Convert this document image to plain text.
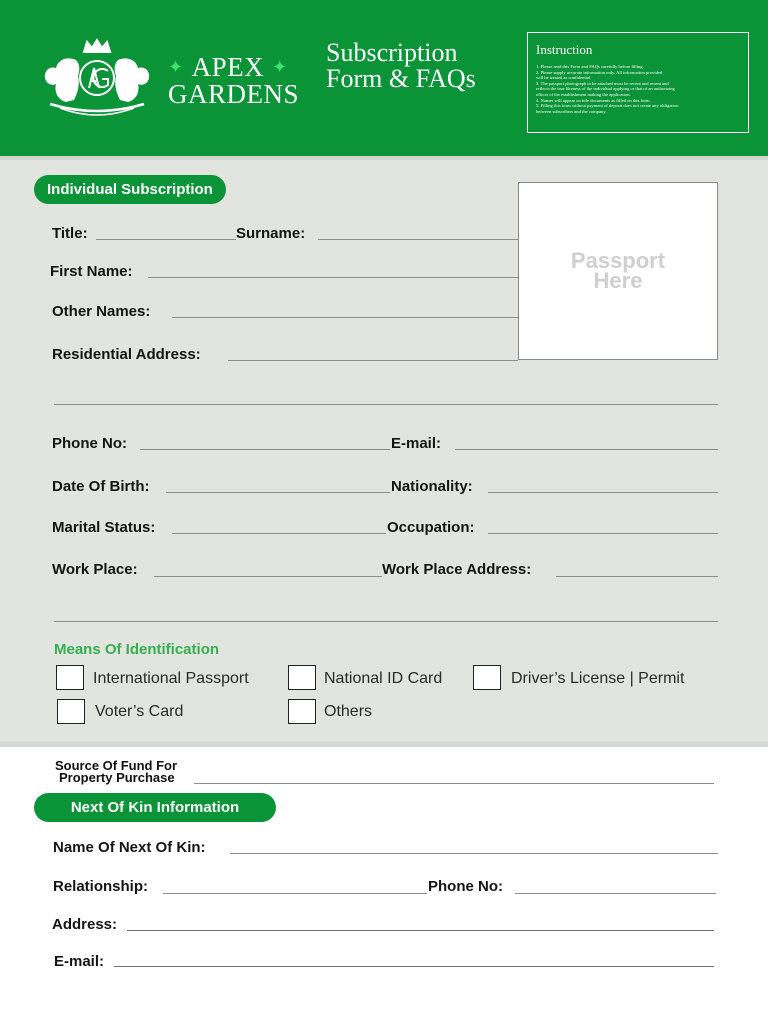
✦ APEX ✦
GARDENS
Subscription
Form & FAQs
Instruction
1. Please read this Form and FAQs carefully before filling.
2. Please supply accurate information only. All information provided
will be treated as confidential.
3. The passport photograph to be attached must be recent and recent and
reflects the true likeness of the individual applying or that of an authorizing
officer of the establishment making the application.
4. Names will appear on title documents as filled on this form.
5. Filling this form without payment of deposit does not create any obligation
between subscribers and the company.
Individual Subscription
Passport
Here
Title:	Surname:
First Name:
Other Names:
Residential Address:
Phone No:	E-mail:
Date Of Birth:	Nationality:
Marital Status:	Occupation:
Work Place:	Work Place Address:
Means Of Identification
International Passport	National ID Card	Driver’s License | Permit
Voter’s Card	Others
Source Of Fund For
Property Purchase
Next Of Kin Information
Name Of Next Of Kin:
Relationship:	Phone No:
Address:
E-mail:
